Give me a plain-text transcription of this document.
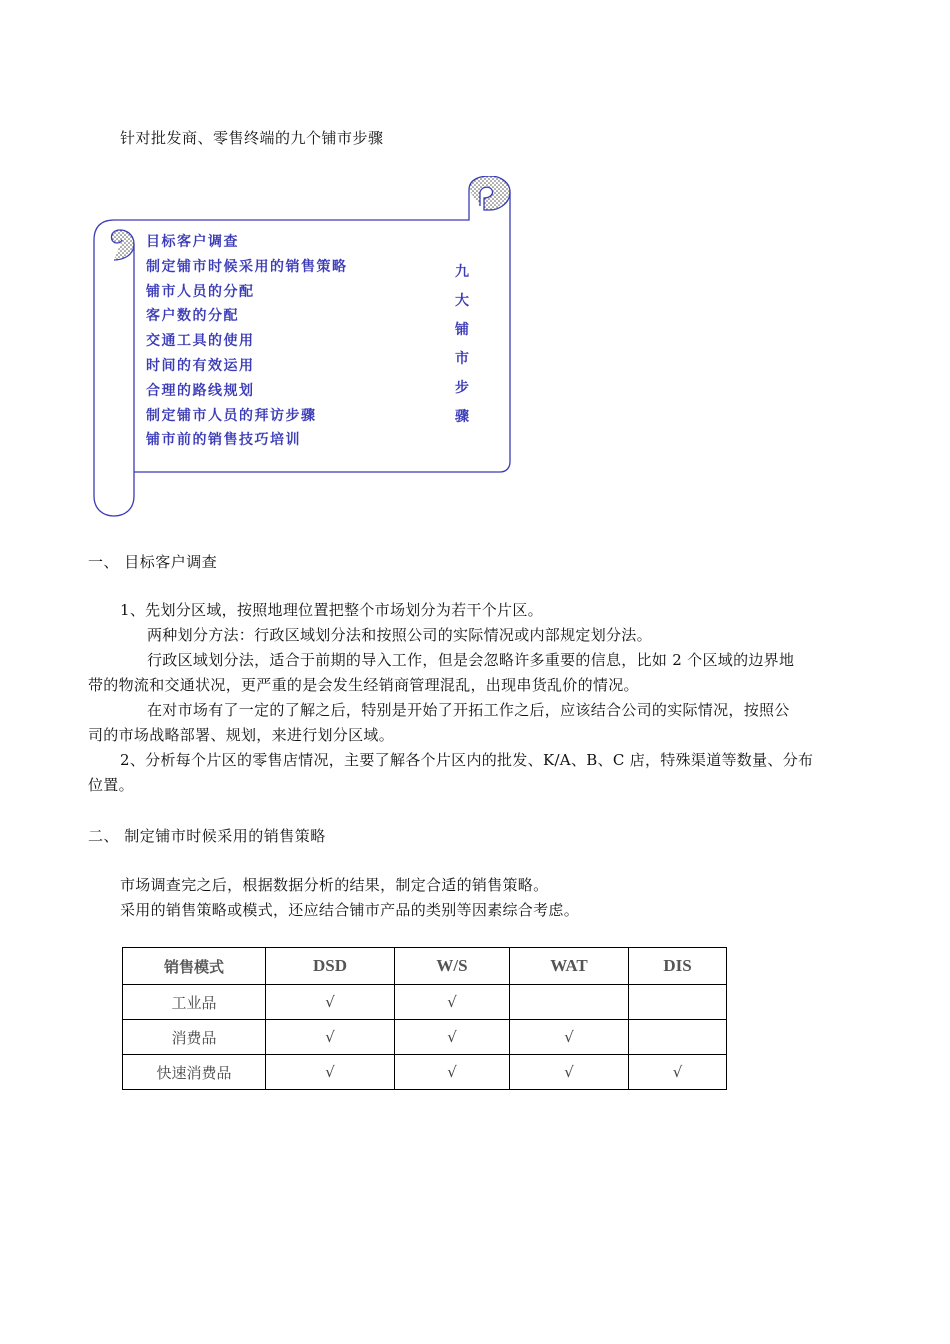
针对批发商、零售终端的九个铺市步骤
目标客户调查
制定铺市时候采用的销售策略
铺市人员的分配
客户数的分配
交通工具的使用
时间的有效运用
合理的路线规划
制定铺市人员的拜访步骤
铺市前的销售技巧培训
九
大
铺
市
步
骤
一、 目标客户调查
1、先划分区域，按照地理位置把整个市场划分为若干个片区。
两种划分方法：行政区域划分法和按照公司的实际情况或内部规定划分法。
行政区域划分法，适合于前期的导入工作，但是会忽略许多重要的信息，比如 2 个区域的边界地
带的物流和交通状况，更严重的是会发生经销商管理混乱，出现串货乱价的情况。
在对市场有了一定的了解之后，特别是开始了开拓工作之后，应该结合公司的实际情况，按照公
司的市场战略部署、规划，来进行划分区域。
2、分析每个片区的零售店情况，主要了解各个片区内的批发、K/A、B、C 店，特殊渠道等数量、分布
位置。
二、 制定铺市时候采用的销售策略
市场调查完之后，根据数据分析的结果，制定合适的销售策略。
采用的销售策略或模式，还应结合铺市产品的类别等因素综合考虑。
销售模式	DSD	W/S	WAT	DIS
工业品	√	√		
消费品	√	√	√	
快速消费品	√	√	√	√
